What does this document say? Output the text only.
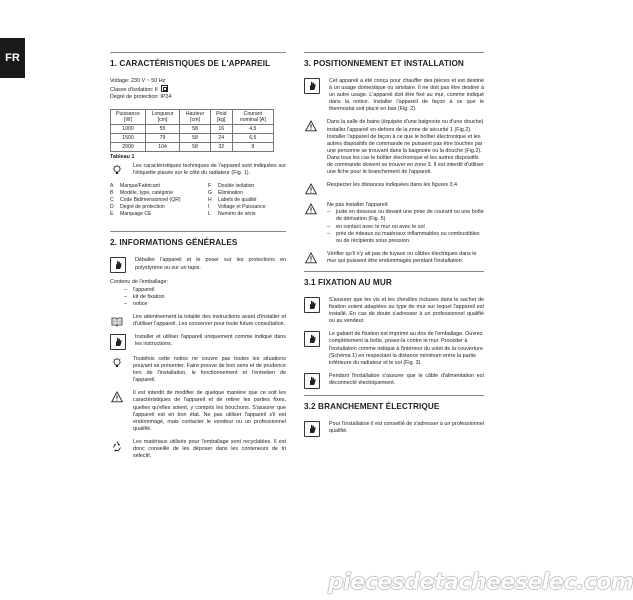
FR	1. CARACTÉRISTIQUES DE L'APPAREIL

Voltage: 230 V ~ 50 Hz

Classe d'isolation: II

Degré de protection: IP24

Puissance [W]	Longueur [cm]	Hauteur [cm]	Poid [kg]	Courant nominal [A]
1000	55	58	16	4,5
1500	79	58	24	6,5
2000	104	58	32	9

Tableau 1

Les caractéristiques techniques de l'appareil sont indiquées sur l'étiquette placée sur le côté du radiateur (Fig. 1).

A	Marque/Fabricant	F	Double isolation
B	Modèle, type, catégorie	G	Elimination
C	Code Bidimensionnel (QR)	H	Labels de qualité
D	Degré de protection	I	Voltage et Puissance
E	Marquage CE	L	Numéro de série
2. INFORMATIONS GÉNÉRALES

Déballer l'appareil et le poser sur les protections en polystyrène ou sur un tapis.

Contenu de l'emballage:

– l'appareil
– kit de fixation
– notice

Lire attentivement la totalité des instructions avant d'installer et d'utiliser l'appareil. Les conserver pour toute future consultation.

Installer et utiliser l'appareil uniquement comme indiqué dans les instructions.

Toutefois cette notice ne couvre pas toutes les situations pouvant se présenter. Faire preuve de bon sens et de prudence lors de l'installation, le fonctionnement et l'entretien de l'appareil.

Il est interdit de modifier de quelque manière que ce soit les caractéristiques de l'appareil et de retirer les parties fixes, quelles qu'elles soient, y compris les bouchons. S'assurer que l'appareil est en bon état. Ne pas utiliser l'appareil s'il est endommagé, mais contacter le vendeur ou un professionnel qualifié.

Les matériaux utilisés pour l'emballage sont recyclables. Il est donc conseillé de les déposer dans les conteneurs de tri sélectif.

3. POSITIONNEMENT ET INSTALLATION

Cet appareil a été conçu pour chauffer des pièces et est destiné à un usage domestique ou similaire. Il ne doit pas être destiné à un autre usage. L'appareil doit être fixé au mur, comme indiqué dans la notice. Installer l'appareil de façon à ce que le thermostat soit placé en bas (Fig. 2).

Dans la salle de bains (équipée d'une baignoire ou d'une douche) installer l'appareil en-dehors de la zone de sécurité 1 (Fig.2). Installer l'appareil de façon à ce que le boîtier électronique et les autres dispositifs de commande ne puissent pas être touchés par une personne se trouvant dans la baignoire ou la douche (Fig.2). Dans tous les cas le boîtier électronique et les autres dispositifs de commande doivent se trouver en zone 3. Il est interdit d'utiliser une fiche pour le branchement de l'appareil.

Respecter les distances indiquées dans les figures 3,4.

Ne pas installer l'appareil:

– juste en dessous ou devant une prise de courant ou une boîte de dérivation (Fig. 5)
– en contact avec le mur ou avec le sol
– près de rideaux ou matériaux inflammables ou combustibles ou de récipients sous pression.

Vérifier qu'il n'y ait pas de tuyaux ou câbles électriques dans le mur qui puissent être endommagés pendant l'installation.

3.1 FIXATION AU MUR

S'assurer que les vis et les chevilles incluses dans le sachet de fixation soient adaptées au type de mur sur lequel l'appareil est installé. En cas de doute s'adresser à un professionnel qualifié ou au vendeur.

Le gabarit de fixation est imprimé au dos de l'emballage. Ouvrez complètement la boîte, posez-la contre le mur. Procéder à l'installation comme indiqué à l'intérieur du volet de la couverture (Schéma 1) en respectant la distance minimum entre la partie inférieure du radiateur et le sol (Fig. 3).

Pendant l'installation s'assurer que le câble d'alimentation est déconnecté électriquement.

3.2 BRANCHEMENT ÉLECTRIQUE

Pour l'installation il est conseillé de s'adresser à un professionnel qualifié.

piecesdetacheeselec.com
